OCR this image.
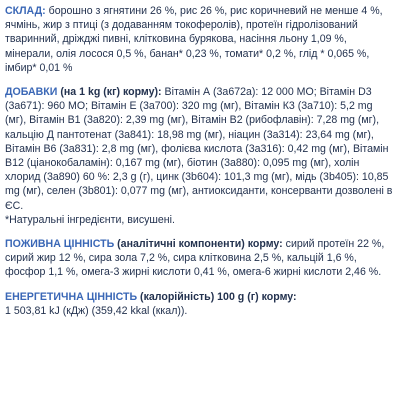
СКЛАД: борошно з ягнятини 26 %, рис 26 %, рис коричневий не менше 4 %, ячмінь, жир з птиці (з додаванням токоферолів), протеїн гідролізований тваринний, дріжджі пивні, клітковина бурякова, насіння льону 1,09 %, мінерали, олія лосося 0,5 %, банан* 0,23 %, томати* 0,2 %, глід * 0,065 %, імбир* 0,01 %

ДОБАВКИ (на 1 kg (кг) корму): Вітамін А (3a672a): 12 000 МО; Вітамін D3 (3a671): 960 МО; Вітамін Е (3a700): 320 mg (мг), Вітамін К3 (3a710): 5,2 mg (мг), Вітамін В1 (3a820): 2,39 mg (мг), Вітамін В2 (рибофлавін): 7,28 mg (мг), кальцію Д пантотенат (3a841): 18,98 mg (мг), ніацин (3a314): 23,64 mg (мг), Вітамін В6 (3a831): 2,8 mg (мг), фолієва кислота (3a316): 0,42 mg (мг), Вітамін В12 (ціанокобаламін): 0,167 mg (мг), біотин (3a880): 0,095 mg (мг), холін хлорид (3a890) 60 %: 2,3 g (г), цинк (3b604): 101,3 mg (мг), мідь (3b405): 10,85 mg (мг), селен (3b801): 0,077 mg (мг), антиоксиданти, консерванти дозволені в ЄС.
*Натуральні інгредієнти, висушені.

ПОЖИВНА ЦІННІСТЬ (аналітичні компоненти) корму: сирий протеїн 22 %, сирий жир 12 %, сира зола 7,2 %, сира клітковина 2,5 %, кальцій 1,6 %, фосфор 1,1 %, омега-3 жирні кислоти 0,41 %, омега-6 жирні кислоти 2,46 %.

ЕНЕРГЕТИЧНА ЦІННІСТЬ (калорійність) 100 g (г) корму:
1 503,81 kJ (кДж) (359,42 kkal (ккал)).
